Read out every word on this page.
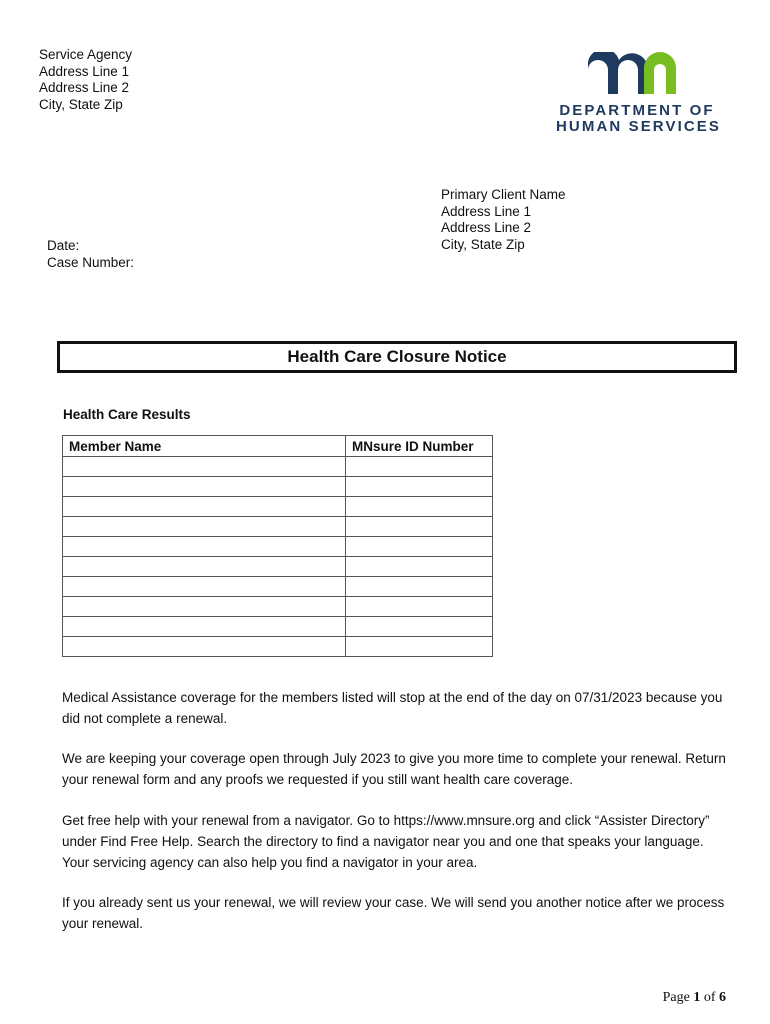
Service Agency
Address Line 1
Address Line 2
City, State Zip	DEPARTMENT OF
HUMAN SERVICES
Primary Client Name
Address Line 1
Address Line 2
City, State Zip
Date:
Case Number:
Health Care Closure Notice
Health Care Results
Member Name	MNsure ID Number

Medical Assistance coverage for the members listed will stop at the end of the day on 07/31/2023 because you did not complete a renewal.
We are keeping your coverage open through July 2023 to give you more time to complete your renewal. Return your renewal form and any proofs we requested if you still want health care coverage.
Get free help with your renewal from a navigator. Go to https://www.mnsure.org and click “Assister Directory” under Find Free Help. Search the directory to find a navigator near you and one that speaks your language. Your servicing agency can also help you find a navigator in your area.
If you already sent us your renewal, we will review your case. We will send you another notice after we process your renewal.
Page 1 of 6
